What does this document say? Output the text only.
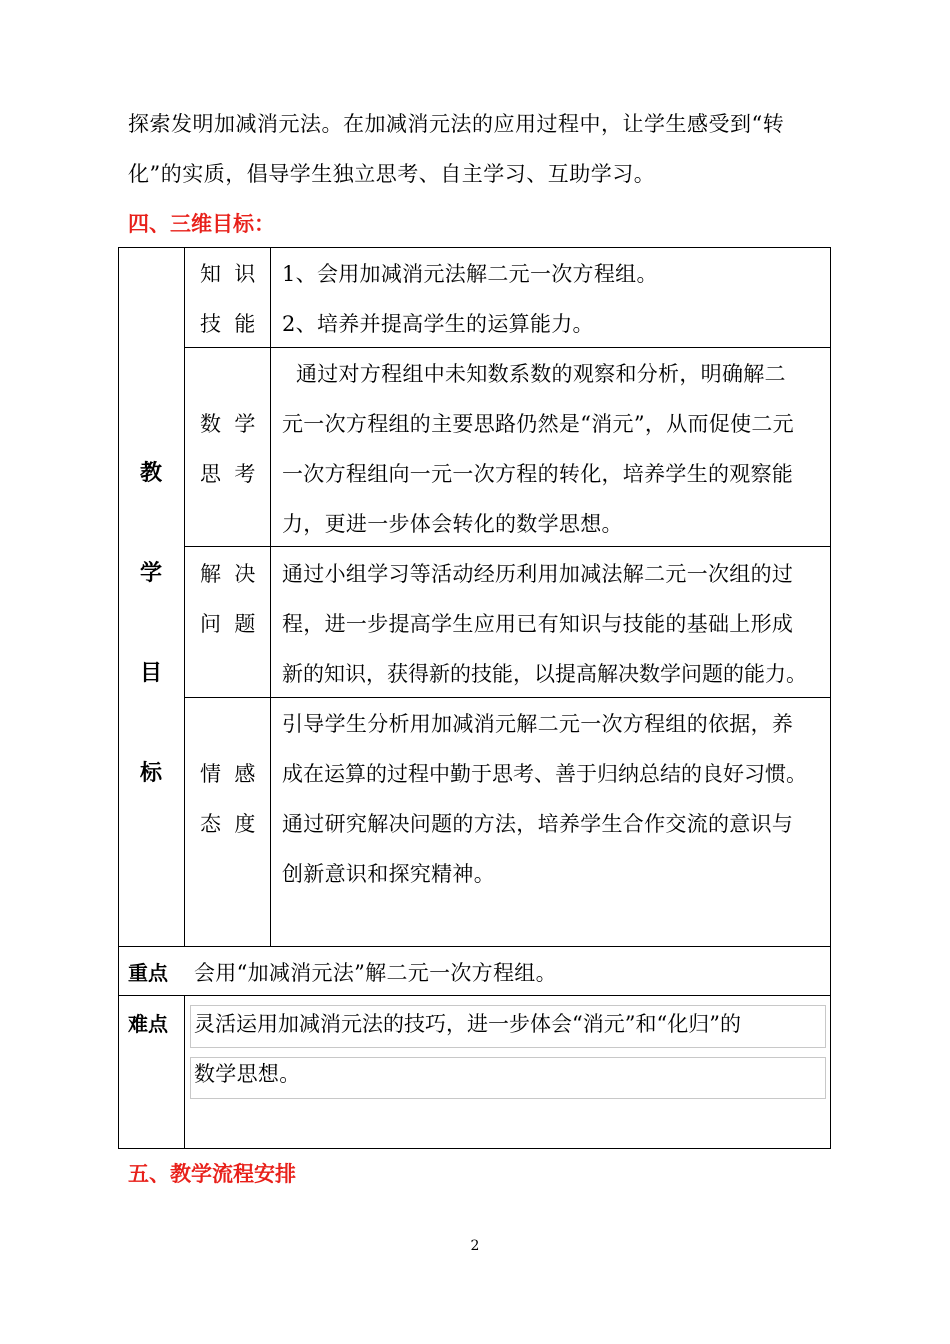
探索发明加减消元法。在加减消元法的应用过程中，让学生感受到“转
化”的实质，倡导学生独立思考、自主学习、互助学习。
四、三维目标：
教
学
目
标
知  识
技  能
1、会用加减消元法解二元一次方程组。
2、培养并提高学生的运算能力。
数  学
思  考
通过对方程组中未知数系数的观察和分析，明确解二
元一次方程组的主要思路仍然是“消元”，从而促使二元
一次方程组向一元一次方程的转化，培养学生的观察能
力，更进一步体会转化的数学思想。
解  决
问  题
通过小组学习等活动经历利用加减法解二元一次组的过
程，进一步提高学生应用已有知识与技能的基础上形成
新的知识，获得新的技能，以提高解决数学问题的能力。
情  感
态  度
引导学生分析用加减消元解二元一次方程组的依据，养
成在运算的过程中勤于思考、善于归纳总结的良好习惯。
通过研究解决问题的方法，培养学生合作交流的意识与
创新意识和探究精神。
重点 会用“加减消元法”解二元一次方程组。
难点 灵活运用加减消元法的技巧，进一步体会“消元”和“化归”的
数学思想。
五、教学流程安排
2
